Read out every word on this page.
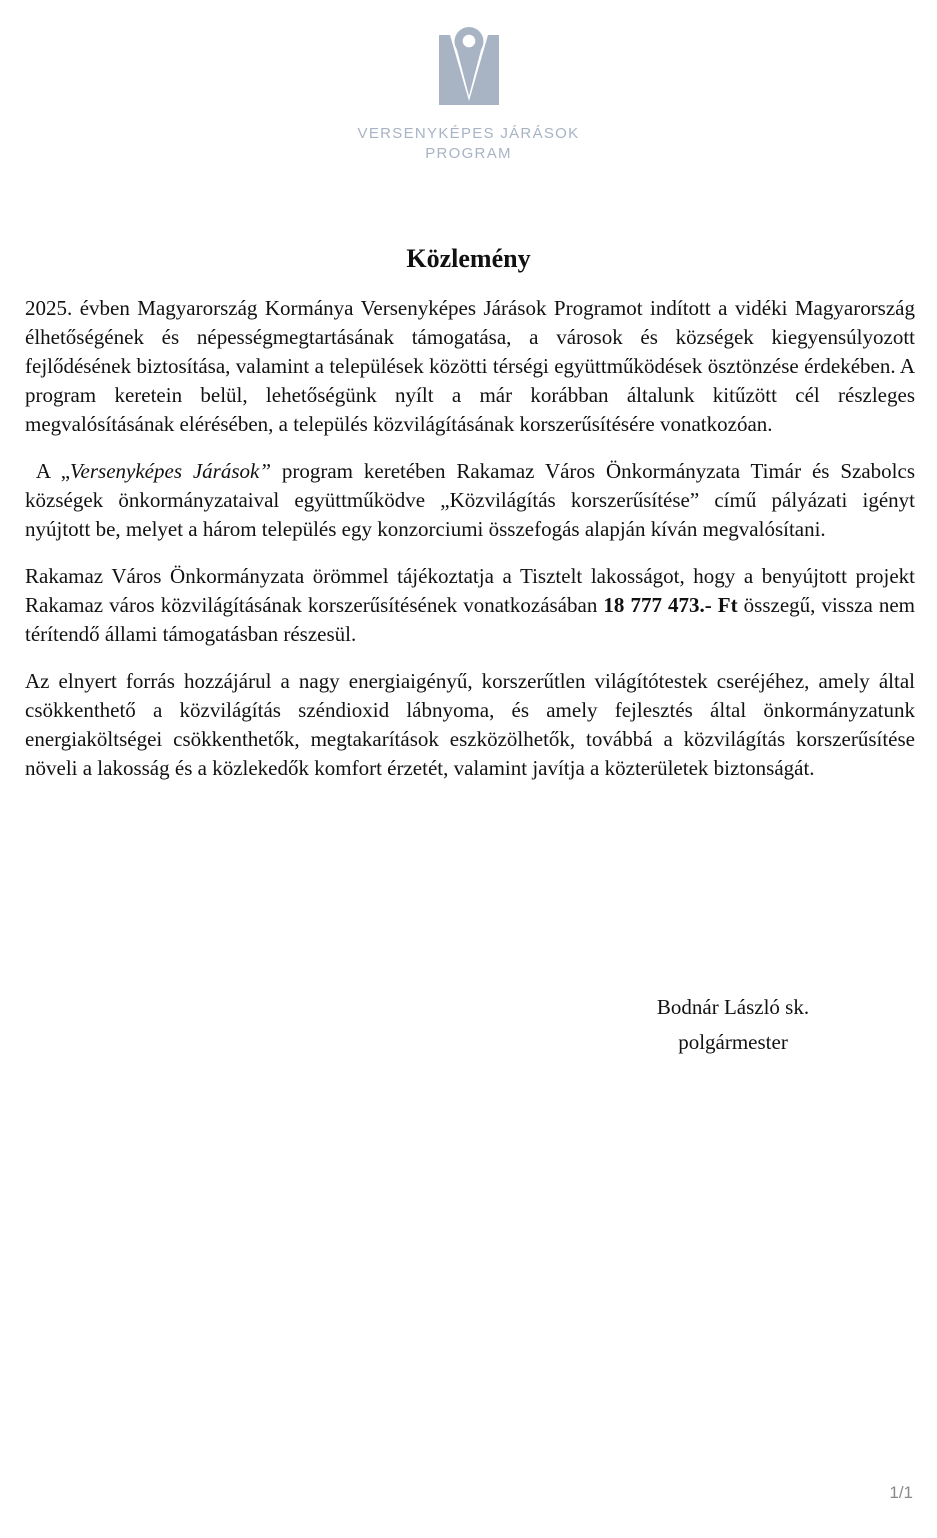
VERSENYKÉPES JÁRÁSOK
PROGRAM
Közlemény

2025. évben Magyarország Kormánya Versenyképes Járások Programot indított a vidéki Magyarország élhetőségének és népességmegtartásának támogatása, a városok és községek kiegyensúlyozott fejlődésének biztosítása, valamint a települések közötti térségi együttműködések ösztönzése érdekében. A program keretein belül, lehetőségünk nyílt a már korábban általunk kitűzött cél részleges megvalósításának elérésében, a település közvilágításának korszerűsítésére vonatkozóan.

A „Versenyképes Járások” program keretében Rakamaz Város Önkormányzata Timár és Szabolcs községek önkormányzataival együttműködve „Közvilágítás korszerűsítése” című pályázati igényt nyújtott be, melyet a három település egy konzorciumi összefogás alapján kíván megvalósítani.

Rakamaz Város Önkormányzata örömmel tájékoztatja a Tisztelt lakosságot, hogy a benyújtott projekt Rakamaz város közvilágításának korszerűsítésének vonatkozásában 18 777 473.- Ft összegű, vissza nem térítendő állami támogatásban részesül.

Az elnyert forrás hozzájárul a nagy energiaigényű, korszerűtlen világítótestek cseréjéhez, amely által csökkenthető a közvilágítás széndioxid lábnyoma, és amely fejlesztés által önkormányzatunk energiaköltségei csökkenthetők, megtakarítások eszközölhetők, továbbá a közvilágítás korszerűsítése növeli a lakosság és a közlekedők komfort érzetét, valamint javítja a közterületek biztonságát.

Bodnár László sk.
polgármester
1/1
